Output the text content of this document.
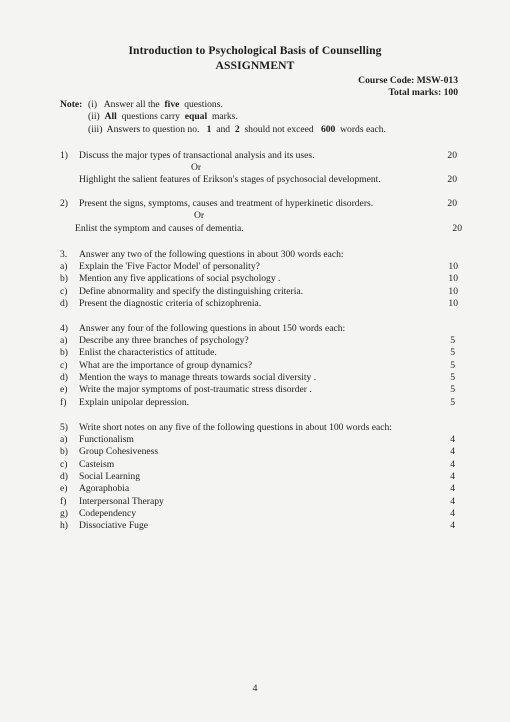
Introduction to Psychological Basis of Counselling
ASSIGNMENT
Course Code: MSW-013
Total marks: 100
Note: (i) Answer all the five questions.
(ii) All questions carry equal marks.
(iii) Answers to question no. 1 and 2 should not exceed 600 words each.
1) Discuss the major types of transactional analysis and its uses.	20
Or
Highlight the salient features of Erikson's stages of psychosocial development.	20
2) Present the signs, symptoms, causes and treatment of hyperkinetic disorders.	20
Or
Enlist the symptom and causes of dementia.	20
3. Answer any two of the following questions in about 300 words each:
a) Explain the 'Five Factor Model' of personality?	10
b) Mention any five applications of social psychology .	10
c) Define abnormality and specify the distinguishing criteria.	10
d) Present the diagnostic criteria of schizophrenia.	10
4) Answer any four of the following questions in about 150 words each:
a) Describe any three branches of psychology?	5
b) Enlist the characteristics of attitude.	5
c) What are the importance of group dynamics?	5
d) Mention the ways to manage threats towards social diversity .	5
e) Write the major symptoms of post-traumatic stress disorder .	5
f) Explain unipolar depression.	5
5) Write short notes on any five of the following questions in about 100 words each:
a) Functionalism	4
b) Group Cohesiveness	4
c) Casteism	4
d) Social Learning	4
e) Agoraphobia	4
f) Interpersonal Therapy	4
g) Codependency	4
h) Dissociative Fuge	4
4
